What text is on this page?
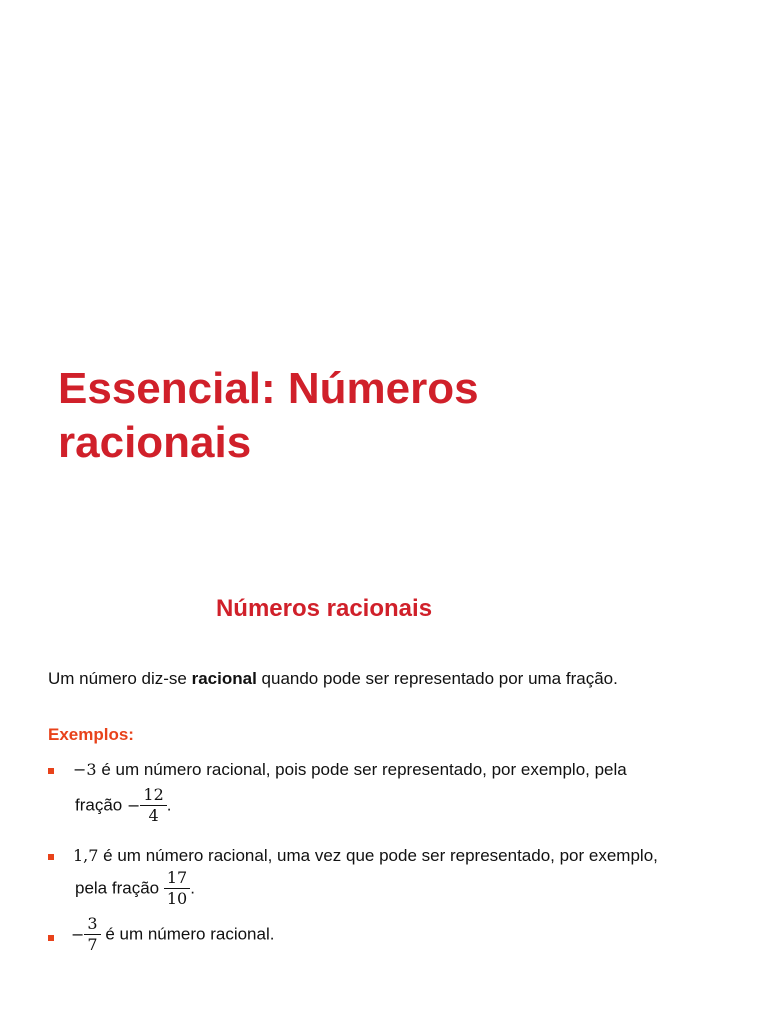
Essencial: Números
racionais
Números racionais

Um número diz-se racional quando pode ser representado por uma fração.

Exemplos:

−3 é um número racional, pois pode ser representado, por exemplo, pela
fração − $\frac{12}{4}$ .
1,7 é um número racional, uma vez que pode ser representado, por exemplo,
pela fração $\frac{17}{10}$ .
− $\frac{3}{7}$ é um número racional.
